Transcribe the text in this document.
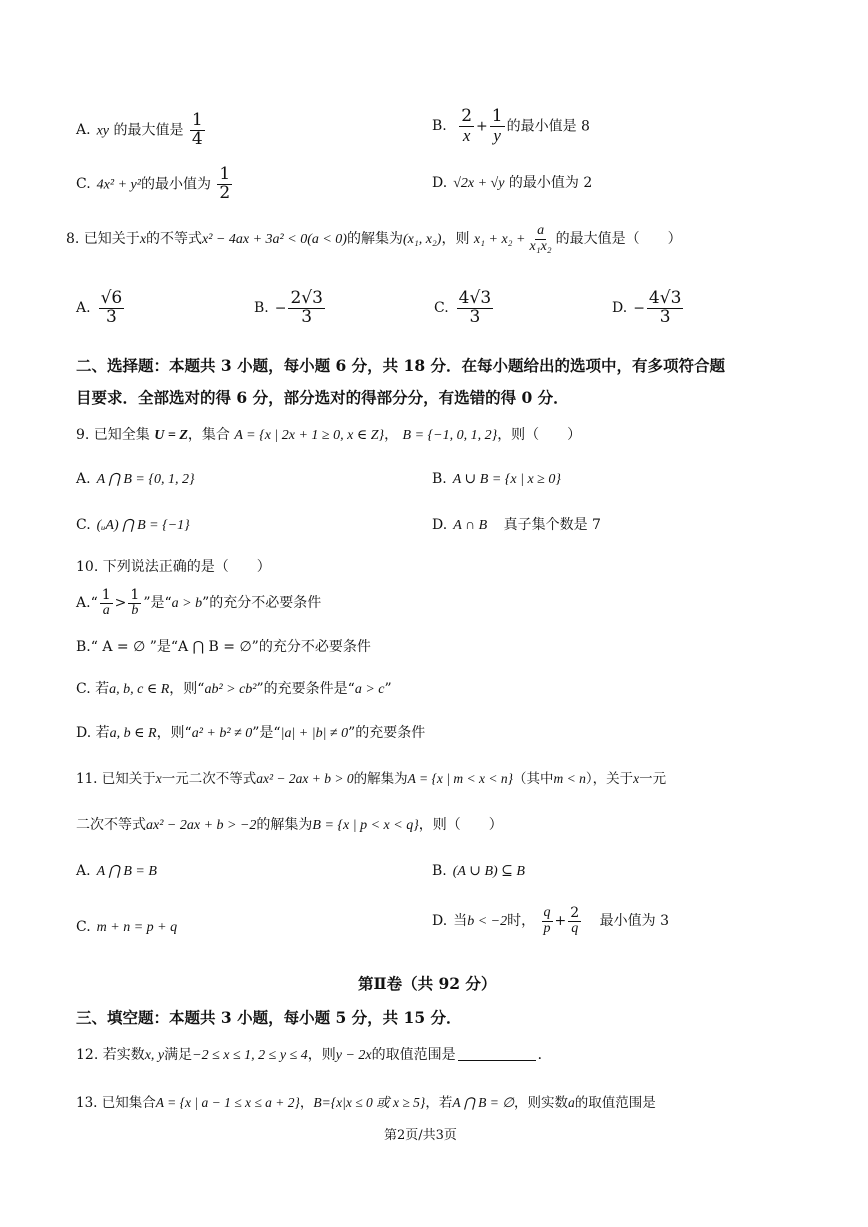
A. xy 的最大值是 $\frac{1}{4}$	B. $\frac{2}{x} + \frac{1}{y}$ 的最小值是 8
C. 4x² + y²的最小值为 $\frac{1}{2}$	D. √2x + √y 的最小值为 2
8. 已知关于x的不等式x² − 4ax + 3a² < 0(a < 0)的解集为(x₁, x₂)，则 $x_1 + x_2 + \frac{a}{\text{x₁x₂}}$ 的最大值是（　　）
A. $\frac{√6}{3}$	B. − $\frac{2√3}{3}$	C. $\frac{4√3}{3}$	D. − $\frac{4√3}{3}$
二、选择题：本题共 3 小题，每小题 6 分，共 18 分．在每小题给出的选项中，有多项符合题
目要求．全部选对的得 6 分，部分选对的得部分分，有选错的得 0 分．
9. 已知全集 U = Z，集合 A = {x | 2x + 1 ≥ 0, x ∈ Z}， B = {−1, 0, 1, 2}，则（　　）
A. A ⋂ B = {0, 1, 2}	B. A ∪ B = {x | x ≥ 0}
C. (ᵤA) ⋂ B = {−1}	D. A ∩ B 真子集个数是 7
10. 下列说法正确的是（　　）
A.“ $\frac{1}{a} > \frac{1}{b}$ ”是“a > b”的充分不必要条件
B.“ A = ∅ ”是“A ⋂ B = ∅”的充分不必要条件
C. 若a, b, c ∈ R，则“ab² > cb²”的充要条件是“a > c”
D. 若a, b ∈ R，则“a² + b² ≠ 0”是“|a| + |b| ≠ 0”的充要条件
11. 已知关于x一元二次不等式ax² − 2ax + b > 0的解集为A = {x | m < x < n}（其中m < n），关于x一元
二次不等式ax² − 2ax + b > −2的解集为B = {x | p < x < q}，则（　　）
A. A ⋂ B = B	B. (A ∪ B) ⊆ B
C. m + n = p + q	D. 当b < −2时， $\frac{q}{p} + \frac{2}{q}$ 最小值为 3
第Ⅱ卷（共 92 分）
三、填空题：本题共 3 小题，每小题 5 分，共 15 分．
12. 若实数x, y满足−2 ≤ x ≤ 1, 2 ≤ y ≤ 4，则y − 2x的取值范围是	．
13. 已知集合A = {x | a − 1 ≤ x ≤ a + 2}，B={x|x ≤ 0 或 x ≥ 5}，若A ⋂ B = ∅，则实数a的取值范围是
第2页/共3页
